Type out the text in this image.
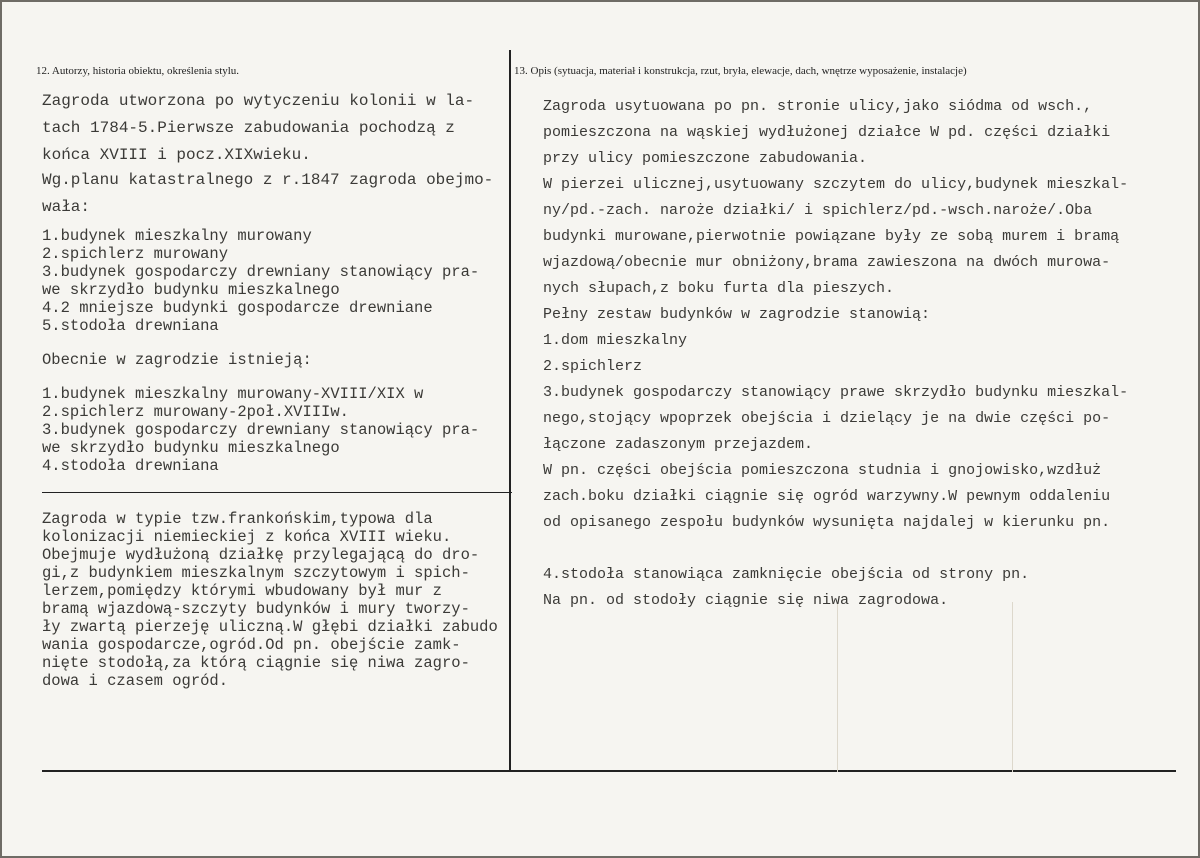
12. Autorzy, historia obiektu, określenia stylu.	13. Opis (sytuacja, materiał i konstrukcja, rzut, bryła, elewacje, dach, wnętrze wyposażenie, instalacje)
Zagroda utworzona po wytyczeniu kolonii w la-
tach 1784-5.Pierwsze zabudowania pochodzą z
końca XVIII i pocz.XIXwieku.
Wg.planu katastralnego z r.1847 zagroda obejmo-
wała:
1.budynek mieszkalny murowany
2.spichlerz murowany
3.budynek gospodarczy drewniany stanowiący pra-
we skrzydło budynku mieszkalnego
4.2 mniejsze budynki gospodarcze drewniane
5.stodoła drewniana
Obecnie w zagrodzie istnieją:
1.budynek mieszkalny murowany-XVIII/XIX w
2.spichlerz murowany-2poł.XVIIIw.
3.budynek gospodarczy drewniany stanowiący pra-
we skrzydło budynku mieszkalnego
4.stodoła drewniana
Zagroda w typie tzw.frankońskim,typowa dla
kolonizacji niemieckiej z końca XVIII wieku.
Obejmuje wydłużoną działkę przylegającą do dro-
gi,z budynkiem mieszkalnym szczytowym i spich-
lerzem,pomiędzy którymi wbudowany był mur z
bramą wjazdową-szczyty budynków i mury tworzy-
ły zwartą pierzeję uliczną.W głębi działki zabudo
wania gospodarcze,ogród.Od pn. obejście zamk-
nięte stodołą,za którą ciągnie się niwa zagro-
dowa i czasem ogród.
Zagroda usytuowana po pn. stronie ulicy,jako siódma od wsch.,
pomieszczona na wąskiej wydłużonej działce W pd. części działki
przy ulicy pomieszczone zabudowania.
W pierzei ulicznej,usytuowany szczytem do ulicy,budynek mieszkal-
ny/pd.-zach. naroże działki/ i spichlerz/pd.-wsch.naroże/.Oba
budynki murowane,pierwotnie powiązane były ze sobą murem i bramą
wjazdową/obecnie mur obniżony,brama zawieszona na dwóch murowa-
nych słupach,z boku furta dla pieszych.
Pełny zestaw budynków w zagrodzie stanowią:
1.dom mieszkalny
2.spichlerz
3.budynek gospodarczy stanowiący prawe skrzydło budynku mieszkal-
nego,stojący wpoprzek obejścia i dzielący je na dwie części po-
łączone zadaszonym przejazdem.
W pn. części obejścia pomieszczona studnia i gnojowisko,wzdłuż
zach.boku działki ciągnie się ogród warzywny.W pewnym oddaleniu
od opisanego zespołu budynków wysunięta najdalej w kierunku pn.
4.stodoła stanowiąca zamknięcie obejścia od strony pn.
Na pn. od stodoły ciągnie się niwa zagrodowa.
